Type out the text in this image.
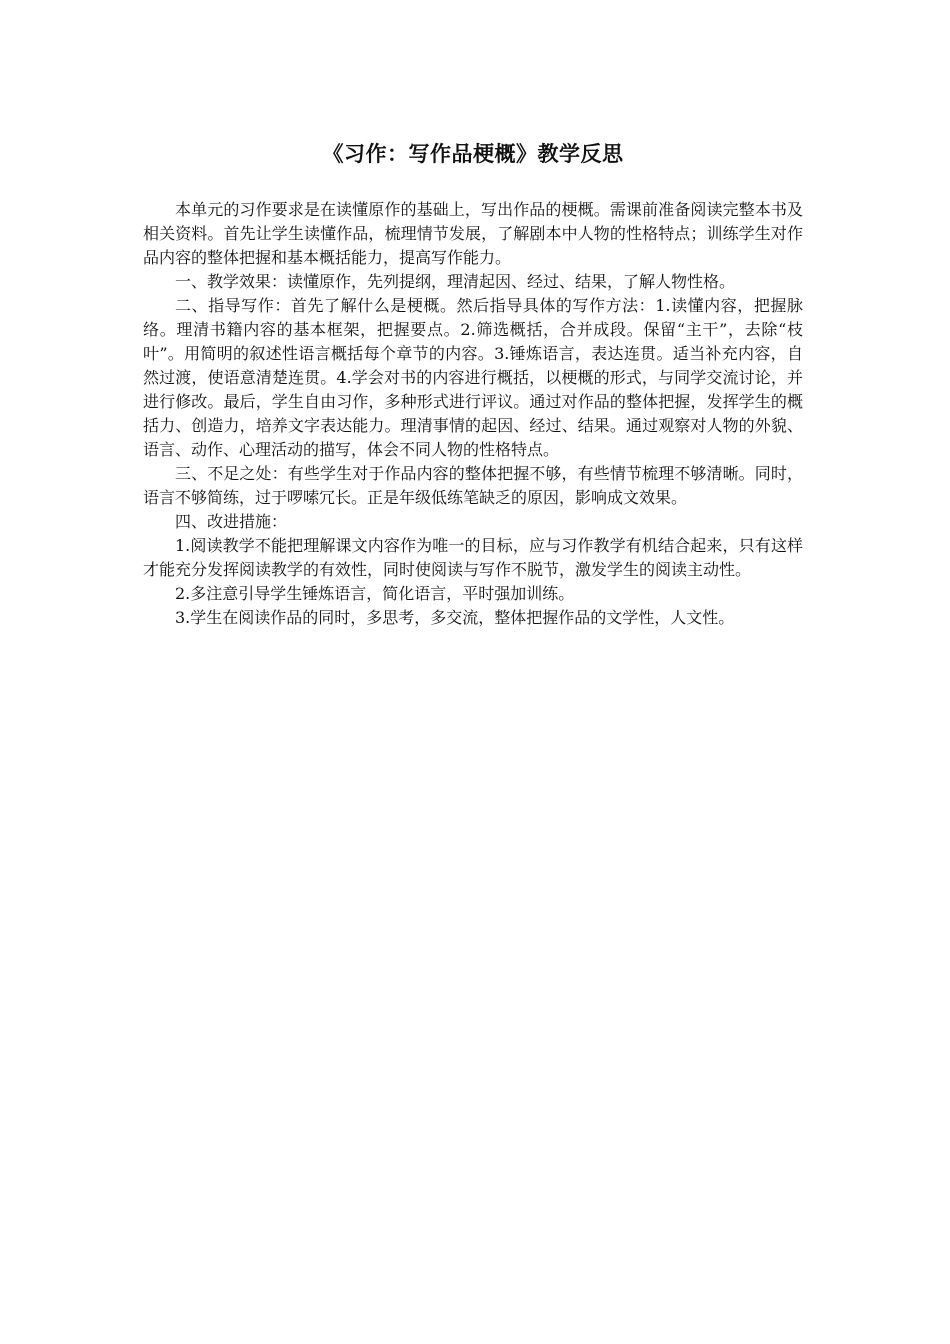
《习作：写作品梗概》教学反思

本单元的习作要求是在读懂原作的基础上，写出作品的梗概。需课前准备阅读完整本书及相关资料。首先让学生读懂作品，梳理情节发展，了解剧本中人物的性格特点；训练学生对作品内容的整体把握和基本概括能力，提高写作能力。

一、教学效果：读懂原作，先列提纲，理清起因、经过、结果，了解人物性格。

二、指导写作：首先了解什么是梗概。然后指导具体的写作方法：1.读懂内容，把握脉络。理清书籍内容的基本框架，把握要点。2.筛选概括，合并成段。保留“主干”，去除“枝叶”。用简明的叙述性语言概括每个章节的内容。3.锤炼语言，表达连贯。适当补充内容，自然过渡，使语意清楚连贯。4.学会对书的内容进行概括，以梗概的形式，与同学交流讨论，并进行修改。最后，学生自由习作，多种形式进行评议。通过对作品的整体把握，发挥学生的概括力、创造力，培养文字表达能力。理清事情的起因、经过、结果。通过观察对人物的外貌、语言、动作、心理活动的描写，体会不同人物的性格特点。

三、不足之处：有些学生对于作品内容的整体把握不够，有些情节梳理不够清晰。同时，语言不够简练，过于啰嗦冗长。正是年级低练笔缺乏的原因，影响成文效果。

四、改进措施：

1.阅读教学不能把理解课文内容作为唯一的目标，应与习作教学有机结合起来，只有这样才能充分发挥阅读教学的有效性，同时使阅读与写作不脱节，激发学生的阅读主动性。

2.多注意引导学生锤炼语言，简化语言，平时强加训练。

3.学生在阅读作品的同时，多思考，多交流，整体把握作品的文学性，人文性。
